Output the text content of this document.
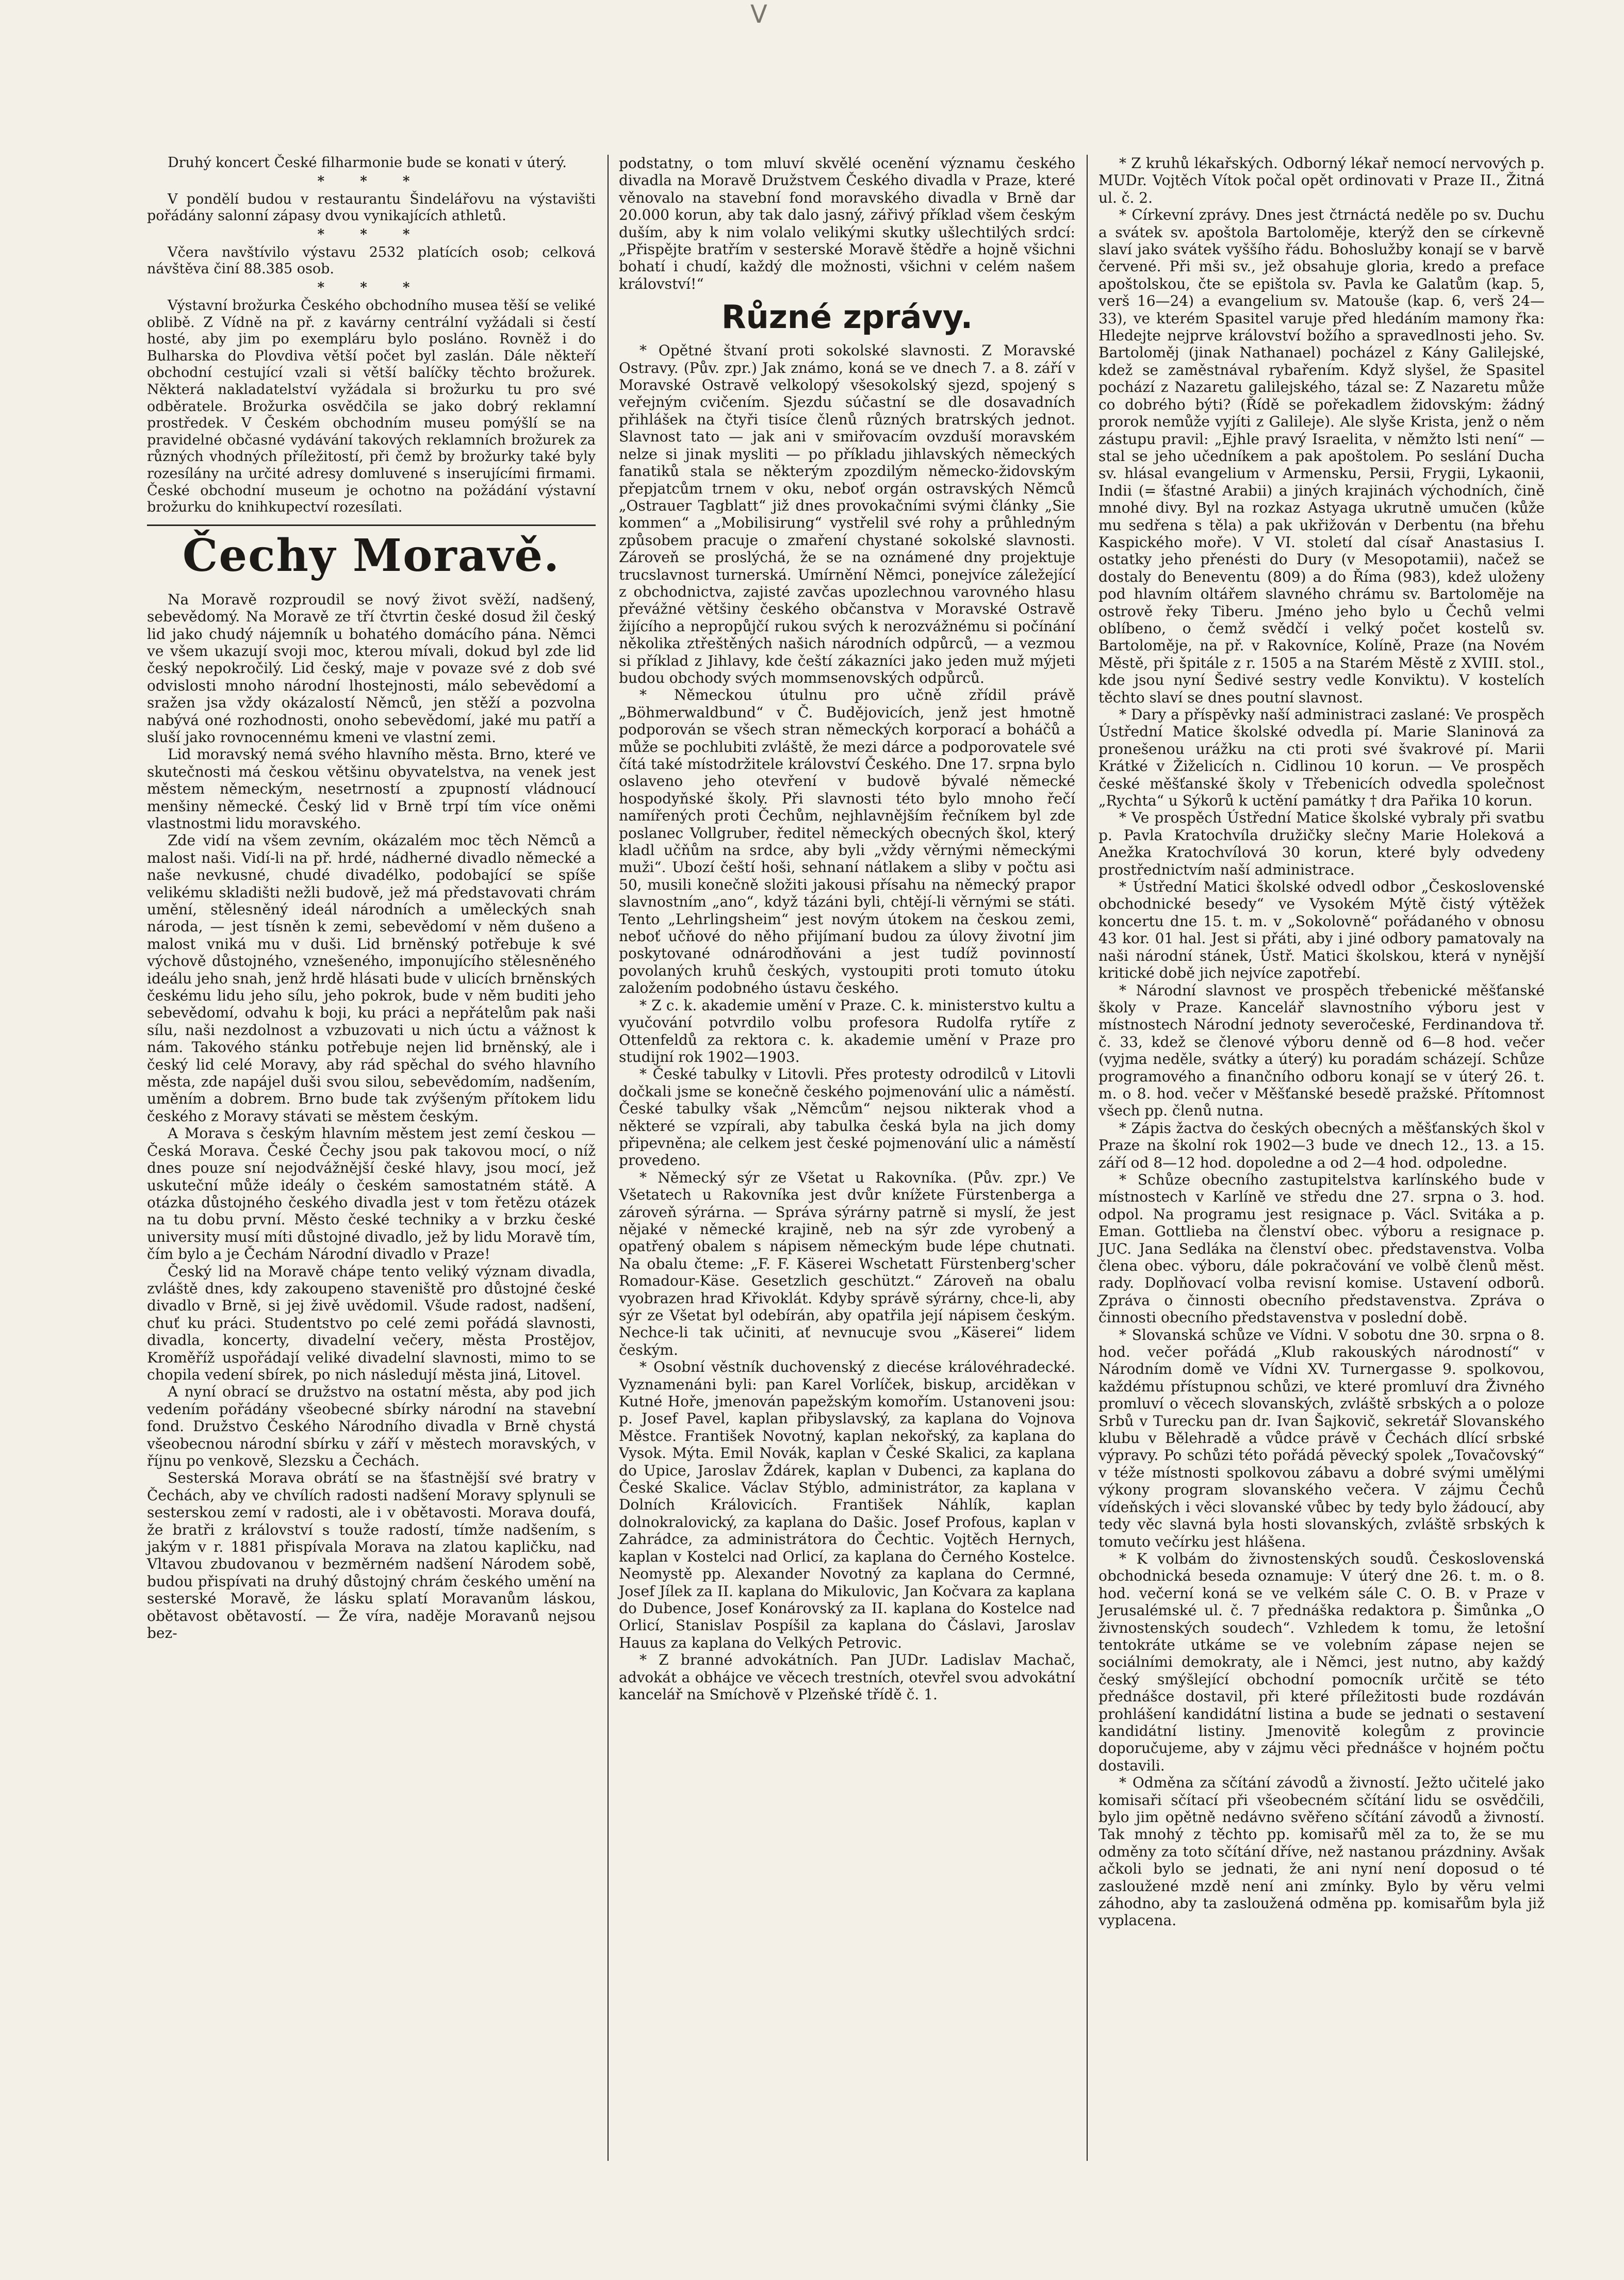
V

Druhý koncert České filharmonie bude se konati v úterý.

* * *

V pondělí budou v restaurantu Šindelářovu na výstavišti pořádány salonní zápasy dvou vynikajících athletů.

* * *

Včera navštívilo výstavu 2532 platících osob; celková návštěva činí 88.385 osob.

* * *

Výstavní brožurka Českého obchodního musea těší se veliké oblibě. Z Vídně na př. z kavárny centrální vyžádali si čestí hosté, aby jim po exempláru bylo posláno. Rovněž i do Bulharska do Plovdiva větší počet byl zaslán. Dále někteří obchodní cestující vzali si větší balíčky těchto brožurek. Některá nakladatelství vyžádala si brožurku tu pro své odběratele. Brožurka osvědčila se jako dobrý reklamní prostředek. V Českém obchodním museu pomýšlí se na pravidelné občasné vydávání takových reklamních brožurek za různých vhodných příležitostí, při čemž by brožurky také byly rozesílány na určité adresy domluvené s inserujícími firmami. České obchodní museum je ochotno na požádání výstavní brožurku do knihkupectví rozesílati.

Čechy Moravě.

Na Moravě rozproudil se nový život svěží, nadšený, sebevědomý. Na Moravě ze tří čtvrtin české dosud žil český lid jako chudý nájemník u bohatého domácího pána. Němci ve všem ukazují svoji moc, kterou mívali, dokud byl zde lid český nepokročilý. Lid český, maje v povaze své z dob své odvislosti mnoho národní lhostejnosti, málo sebevědomí a sražen jsa vždy okázalostí Němců, jen stěží a pozvolna nabývá oné rozhodnosti, onoho sebevědomí, jaké mu patří a sluší jako rovnocennému kmeni ve vlastní zemi.

Lid moravský nemá svého hlavního města. Brno, které ve skutečnosti má českou většinu obyvatelstva, na venek jest městem německým, nesetrností a zpupností vládnoucí menšiny německé. Český lid v Brně trpí tím více oněmi vlastnostmi lidu moravského.

Zde vidí na všem zevním, okázalém moc těch Němců a malost naši. Vidí-li na př. hrdé, nádherné divadlo německé a naše nevkusné, chudé divadélko, podobající se spíše velikému skladišti nežli budově, jež má představovati chrám umění, stělesněný ideál národních a uměleckých snah národa, — jest tísněn k zemi, sebevědomí v něm dušeno a malost vniká mu v duši. Lid brněnský potřebuje k své výchově důstojného, vznešeného, imponujícího stělesněného ideálu jeho snah, jenž hrdě hlásati bude v ulicích brněnských českému lidu jeho sílu, jeho pokrok, bude v něm buditi jeho sebevědomí, odvahu k boji, ku práci a nepřátelům pak naši sílu, naši nezdolnost a vzbuzovati u nich úctu a vážnost k nám. Takového stánku potřebuje nejen lid brněnský, ale i český lid celé Moravy, aby rád spěchal do svého hlavního města, zde napájel duši svou silou, sebevědomím, nadšením, uměním a dobrem. Brno bude tak zvýšeným přítokem lidu českého z Moravy stávati se městem českým.

A Morava s českým hlavním městem jest zemí českou — Česká Morava. České Čechy jsou pak takovou mocí, o níž dnes pouze sní nejodvážnější české hlavy, jsou mocí, jež uskuteční může ideály o českém samostatném státě. A otázka důstojného českého divadla jest v tom řetězu otázek na tu dobu první. Město české techniky a v brzku české university musí míti důstojné divadlo, jež by lidu Moravě tím, čím bylo a je Čechám Národní divadlo v Praze!

Český lid na Moravě chápe tento veliký význam divadla, zvláště dnes, kdy zakoupeno staveniště pro důstojné české divadlo v Brně, si jej živě uvědomil. Všude radost, nadšení, chuť ku práci. Studentstvo po celé zemi pořádá slavnosti, divadla, koncerty, divadelní večery, města Prostějov, Kroměříž uspořádají veliké divadelní slavnosti, mimo to se chopila vedení sbírek, po nich následují města jiná, Litovel.

A nyní obrací se družstvo na ostatní města, aby pod jich vedením pořádány všeobecné sbírky národní na stavební fond. Družstvo Českého Národního divadla v Brně chystá všeobecnou národní sbírku v září v městech moravských, v říjnu po venkově, Slezsku a Čechách.

Sesterská Morava obrátí se na šťastnější své bratry v Čechách, aby ve chvílích radosti nadšení Moravy splynuli se sesterskou zemí v radosti, ale i v obětavosti. Morava doufá, že bratři z království s touže radostí, tímže nadšením, s jakým v r. 1881 přispívala Morava na zlatou kapličku, nad Vltavou zbudovanou v bezměrném nadšení Národem sobě, budou přispívati na druhý důstojný chrám českého umění na sesterské Moravě, že lásku splatí Moravanům láskou, obětavost obětavostí. — Že víra, naděje Moravanů nejsou bez-

podstatny, o tom mluví skvělé ocenění významu českého divadla na Moravě Družstvem Českého divadla v Praze, které věnovalo na stavební fond moravského divadla v Brně dar 20.000 korun, aby tak dalo jasný, zářivý příklad všem českým duším, aby k nim volalo velikými skutky ušlechtilých srdcí: „Přispějte bratřím v sesterské Moravě štědře a hojně všichni bohatí i chudí, každý dle možnosti, všichni v celém našem království!“

Různé zprávy.

* Opětné štvaní proti sokolské slavnosti. Z Moravské Ostravy. (Pův. zpr.) Jak známo, koná se ve dnech 7. a 8. září v Moravské Ostravě velkolopý všesokolský sjezd, spojený s veřejným cvičením. Sjezdu súčastní se dle dosavadních přihlášek na čtyři tisíce členů různých bratrských jednot. Slavnost tato — jak ani v smiřovacím ovzduší moravském nelze si jinak mysliti — po příkladu jihlavských německých fanatiků stala se některým zpozdilým německo-židovským přepjatcům trnem v oku, neboť orgán ostravských Němců „Ostrauer Tagblatt“ již dnes provokačními svými články „Sie kommen“ a „Mobilisirung“ vystřelil své rohy a průhledným způsobem pracuje o zmaření chystané sokolské slavnosti. Zároveň se proslýchá, že se na oznámené dny projektuje trucslavnost turnerská. Umírnění Němci, ponejvíce záležející z obchodnictva, zajisté zavčas upozlechnou varovného hlasu převážné většiny českého občanstva v Moravské Ostravě žijícího a nepropůjčí rukou svých k nerozvážnému si počínání několika ztřeštěných našich národních odpůrců, — a vezmou si příklad z Jihlavy, kde čeští zákazníci jako jeden muž mýjeti budou obchody svých mommsenovských odpůrců.

* Německou útulnu pro učně zřídil právě „Böhmerwaldbund“ v Č. Budějovicích, jenž jest hmotně podporován se všech stran německých korporací a boháčů a může se pochlubiti zvláště, že mezi dárce a podporovatele své čítá také místodržitele království Českého. Dne 17. srpna bylo oslaveno jeho otevření v budově bývalé německé hospodyňské školy. Při slavnosti této bylo mnoho řečí namířených proti Čechům, nejhlavnějším řečníkem byl zde poslanec Vollgruber, ředitel německých obecných škol, který kladl učňům na srdce, aby byli „vždy věrnými německými muži“. Ubozí čeští hoši, sehnaní nátlakem a sliby v počtu asi 50, musili konečně složiti jakousi přísahu na německý prapor slavnostním „ano“, když tázáni byli, chtějí-li věrnými se státi. Tento „Lehrlingsheim“ jest novým útokem na českou zemi, neboť učňové do něho přijímaní budou za úlovy životní jim poskytované odnárodňováni a jest tudíž povinností povolaných kruhů českých, vystoupiti proti tomuto útoku založením podobného ústavu českého.

* Z c. k. akademie umění v Praze. C. k. ministerstvo kultu a vyučování potvrdilo volbu profesora Rudolfa rytíře z Ottenfeldů za rektora c. k. akademie umění v Praze pro studijní rok 1902—1903.

* České tabulky v Litovli. Přes protesty odrodilců v Litovli dočkali jsme se konečně českého pojmenování ulic a náměstí. České tabulky však „Němcům“ nejsou nikterak vhod a některé se vzpírali, aby tabulka česká byla na jich domy připevněna; ale celkem jest české pojmenování ulic a náměstí provedeno.

* Německý sýr ze Všetat u Rakovníka. (Pův. zpr.) Ve Všetatech u Rakovníka jest dvůr knížete Fürstenberga a zároveň sýrárna. — Správa sýrárny patrně si myslí, že jest nějaké v německé krajině, neb na sýr zde vyrobený a opatřený obalem s nápisem německým bude lépe chutnati. Na obalu čteme: „F. F. Käserei Wschetatt Fürstenberg'scher Romadour-Käse. Gesetzlich geschützt.“ Zároveň na obalu vyobrazen hrad Křivoklát. Kdyby správě sýrárny, chce-li, aby sýr ze Všetat byl odebírán, aby opatřila její nápisem českým. Nechce-li tak učiniti, ať nevnucuje svou „Käserei“ lidem českým.

* Osobní věstník duchovenský z diecése královéhradecké. Vyznamenáni byli: pan Karel Vorlíček, biskup, arciděkan v Kutné Hoře, jmenován papežským komořím. Ustanoveni jsou: p. Josef Pavel, kaplan přibyslavský, za kaplana do Vojnova Městce. František Novotný, kaplan nekořský, za kaplana do Vysok. Mýta. Emil Novák, kaplan v České Skalici, za kaplana do Upice, Jaroslav Ždárek, kaplan v Dubenci, za kaplana do České Skalice. Václav Stýblo, administrátor, za kaplana v Dolních Královicích. František Náhlík, kaplan dolnokralovický, za kaplana do Dašic. Josef Profous, kaplan v Zahrádce, za administrátora do Čechtic. Vojtěch Hernych, kaplan v Kostelci nad Orlicí, za kaplana do Černého Kostelce. Neomystě pp. Alexander Novotný za kaplana do Cermné, Josef Jílek za II. kaplana do Mikulovic, Jan Kočvara za kaplana do Dubence, Josef Konárovský za II. kaplana do Kostelce nad Orlicí, Stanislav Pospíšil za kaplana do Čáslavi, Jaroslav Hauus za kaplana do Velkých Petrovic.

* Z branné advokátních. Pan JUDr. Ladislav Machač, advokát a obhájce ve věcech trestních, otevřel svou advokátní kancelář na Smíchově v Plzeňské třídě č. 1.

* Z kruhů lékařských. Odborný lékař nemocí nervových p. MUDr. Vojtěch Vítok počal opět ordinovati v Praze II., Žitná ul. č. 2.

* Církevní zprávy. Dnes jest čtrnáctá neděle po sv. Duchu a svátek sv. apoštola Bartoloměje, kterýž den se církevně slaví jako svátek vyššího řádu. Bohoslužby konají se v barvě červené. Při mši sv., jež obsahuje gloria, kredo a preface apoštolskou, čte se epištola sv. Pavla ke Galatům (kap. 5, verš 16—24) a evangelium sv. Matouše (kap. 6, verš 24—33), ve kterém Spasitel varuje před hledáním mamony řka: Hledejte nejprve království božího a spravedlnosti jeho. Sv. Bartoloměj (jinak Nathanael) pocházel z Kány Galilejské, kdež se zaměstnával rybařením. Když slyšel, že Spasitel pochází z Nazaretu galilejského, tázal se: Z Nazaretu může co dobrého býti? (Řídě se pořekadlem židovským: žádný prorok nemůže vyjíti z Galileje). Ale slyše Krista, jenž o něm zástupu pravil: „Ejhle pravý Israelita, v němžto lsti není“ — stal se jeho učedníkem a pak apoštolem. Po seslání Ducha sv. hlásal evangelium v Armensku, Persii, Frygii, Lykaonii, Indii (= šťastné Arabii) a jiných krajinách východních, čině mnohé divy. Byl na rozkaz Astyaga ukrutně umučen (kůže mu sedřena s těla) a pak ukřižován v Derbentu (na břehu Kaspického moře). V VI. století dal císař Anastasius I. ostatky jeho přenésti do Dury (v Mesopotamii), načež se dostaly do Beneventu (809) a do Říma (983), kdež uloženy pod hlavním oltářem slavného chrámu sv. Bartoloměje na ostrově řeky Tiberu. Jméno jeho bylo u Čechů velmi oblíbeno, o čemž svědčí i velký počet kostelů sv. Bartoloměje, na př. v Rakovníce, Kolíně, Praze (na Novém Městě, při špitále z r. 1505 a na Starém Městě z XVIII. stol., kde jsou nyní Šedivé sestry vedle Konviktu). V kostelích těchto slaví se dnes poutní slavnost.

* Dary a příspěvky naší administraci zaslané: Ve prospěch Ústřední Matice školské odvedla pí. Marie Slaninová za pronešenou urážku na cti proti své švakrové pí. Marii Krátké v Žiželicích n. Cidlinou 10 korun. — Ve prospěch české měšťanské školy v Třebenicích odvedla společnost „Rychta“ u Sýkorů k uctění památky † dra Pařika 10 korun.

* Ve prospěch Ústřední Matice školské vybraly při svatbu p. Pavla Kratochvíla družičky slečny Marie Holeková a Anežka Kratochvílová 30 korun, které byly odvedeny prostřednictvím naší administrace.

* Ústřední Matici školské odvedl odbor „Československé obchodnické besedy“ ve Vysokém Mýtě čistý výtěžek koncertu dne 15. t. m. v „Sokolovně“ pořádaného v obnosu 43 kor. 01 hal. Jest si přáti, aby i jiné odbory pamatovaly na naši národní stánek, Ústř. Matici školskou, která v nynější kritické době jich nejvíce zapotřebí.

* Národní slavnost ve prospěch třebenické měšťanské školy v Praze. Kancelář slavnostního výboru jest v místnostech Národní jednoty severočeské, Ferdinandova tř. č. 33, kdež se členové výboru denně od 6—8 hod. večer (vyjma neděle, svátky a úterý) ku poradám scházejí. Schůze programového a finančního odboru konají se v úterý 26. t. m. o 8. hod. večer v Měšťanské besedě pražské. Přítomnost všech pp. členů nutna.

* Zápis žactva do českých obecných a měšťanských škol v Praze na školní rok 1902—3 bude ve dnech 12., 13. a 15. září od 8—12 hod. dopoledne a od 2—4 hod. odpoledne.

* Schůze obecního zastupitelstva karlínského bude v místnostech v Karlíně ve středu dne 27. srpna o 3. hod. odpol. Na programu jest resignace p. Václ. Svitáka a p. Eman. Gottlieba na členství obec. výboru a resignace p. JUC. Jana Sedláka na členství obec. představenstva. Volba člena obec. výboru, dále pokračování ve volbě členů měst. rady. Doplňovací volba revisní komise. Ustavení odborů. Zpráva o činnosti obecního představenstva. Zpráva o činnosti obecního představenstva v poslední době.

* Slovanská schůze ve Vídni. V sobotu dne 30. srpna o 8. hod. večer pořádá „Klub rakouských národností“ v Národním domě ve Vídni XV. Turnergasse 9. spolkovou, každému přístupnou schůzi, ve které promluví dra Živného promluví o věcech slovanských, zvláště srbských a o poloze Srbů v Turecku pan dr. Ivan Šajkovič, sekretář Slovanského klubu v Bělehradě a vůdce právě v Čechách dlící srbské výpravy. Po schůzi této pořádá pěvecký spolek „Tovačovský“ v téže místnosti spolkovou zábavu a dobré svými umělými výkony program slovanského večera. V zájmu Čechů vídeňských i věci slovanské vůbec by tedy bylo žádoucí, aby tedy věc slavná byla hosti slovanských, zvláště srbských k tomuto večírku jest hlášena.

* K volbám do živnostenských soudů. Československá obchodnická beseda oznamuje: V úterý dne 26. t. m. o 8. hod. večerní koná se ve velkém sále C. O. B. v Praze v Jerusalémské ul. č. 7 přednáška redaktora p. Šimůnka „O živnostenských soudech“. Vzhledem k tomu, že letošní tentokráte utkáme se ve volebním zápase nejen se sociálními demokraty, ale i Němci, jest nutno, aby každý český smýšlející obchodní pomocník určitě se této přednášce dostavil, při které příležitosti bude rozdáván prohlášení kandidátní listina a bude se jednati o sestavení kandidátní listiny. Jmenovitě kolegům z provincie doporučujeme, aby v zájmu věci přednášce v hojném počtu dostavili.

* Odměna za sčítání závodů a živností. Ježto učitelé jako komisaři sčítací při všeobecném sčítání lidu se osvědčili, bylo jim opětně nedávno svěřeno sčítání závodů a živností. Tak mnohý z těchto pp. komisařů měl za to, že se mu odměny za toto sčítání dříve, než nastanou prázdniny. Avšak ačkoli bylo se jednati, že ani nyní není doposud o té zasloužené mzdě není ani zmínky. Bylo by věru velmi záhodno, aby ta zasloužená odměna pp. komisařům byla již vyplacena.
